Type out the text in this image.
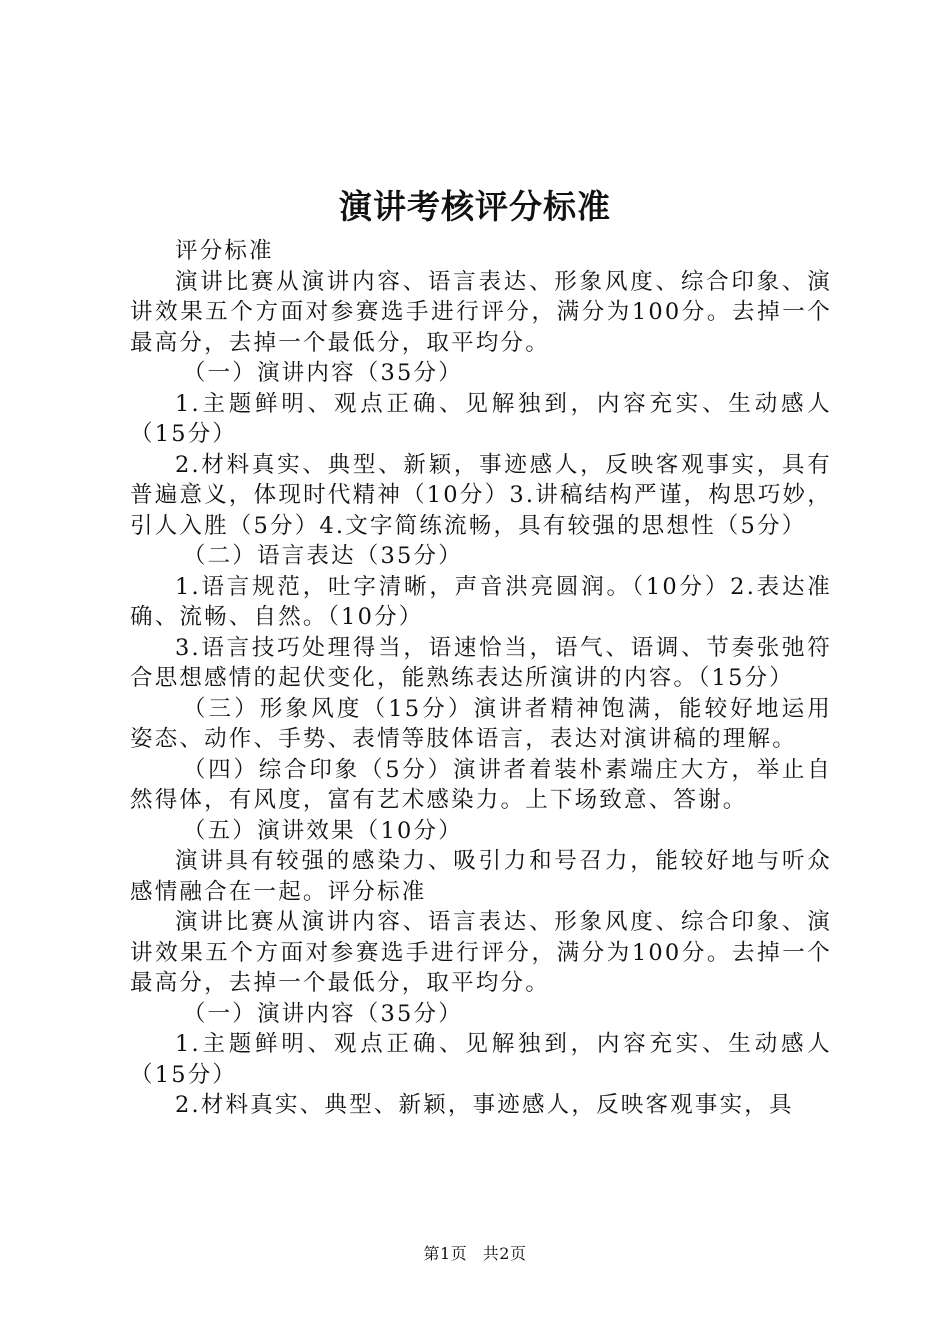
演讲考核评分标准

评分标准

演讲比赛从演讲内容、语言表达、形象风度、综合印象、演讲效果五个方面对参赛选手进行评分，满分为100分。去掉一个最高分，去掉一个最低分，取平均分。

（一）演讲内容（35分）

1.主题鲜明、观点正确、见解独到，内容充实、生动感人（15分）

2.材料真实、典型、新颖，事迹感人，反映客观事实，具有普遍意义，体现时代精神（10分）3.讲稿结构严谨，构思巧妙，引人入胜（5分）4.文字简练流畅，具有较强的思想性（5分）

（二）语言表达（35分）

1.语言规范，吐字清晰，声音洪亮圆润。（10分）2.表达准确、流畅、自然。（10分）

3.语言技巧处理得当，语速恰当，语气、语调、节奏张弛符合思想感情的起伏变化，能熟练表达所演讲的内容。（15分）

（三）形象风度（15分）演讲者精神饱满，能较好地运用姿态、动作、手势、表情等肢体语言，表达对演讲稿的理解。

（四）综合印象（5分）演讲者着装朴素端庄大方，举止自然得体，有风度，富有艺术感染力。上下场致意、答谢。

（五）演讲效果（10分）

演讲具有较强的感染力、吸引力和号召力，能较好地与听众感情融合在一起。评分标准

演讲比赛从演讲内容、语言表达、形象风度、综合印象、演讲效果五个方面对参赛选手进行评分，满分为100分。去掉一个最高分，去掉一个最低分，取平均分。

（一）演讲内容（35分）

1.主题鲜明、观点正确、见解独到，内容充实、生动感人（15分）

2.材料真实、典型、新颖，事迹感人，反映客观事实，具

第1页 共2页
